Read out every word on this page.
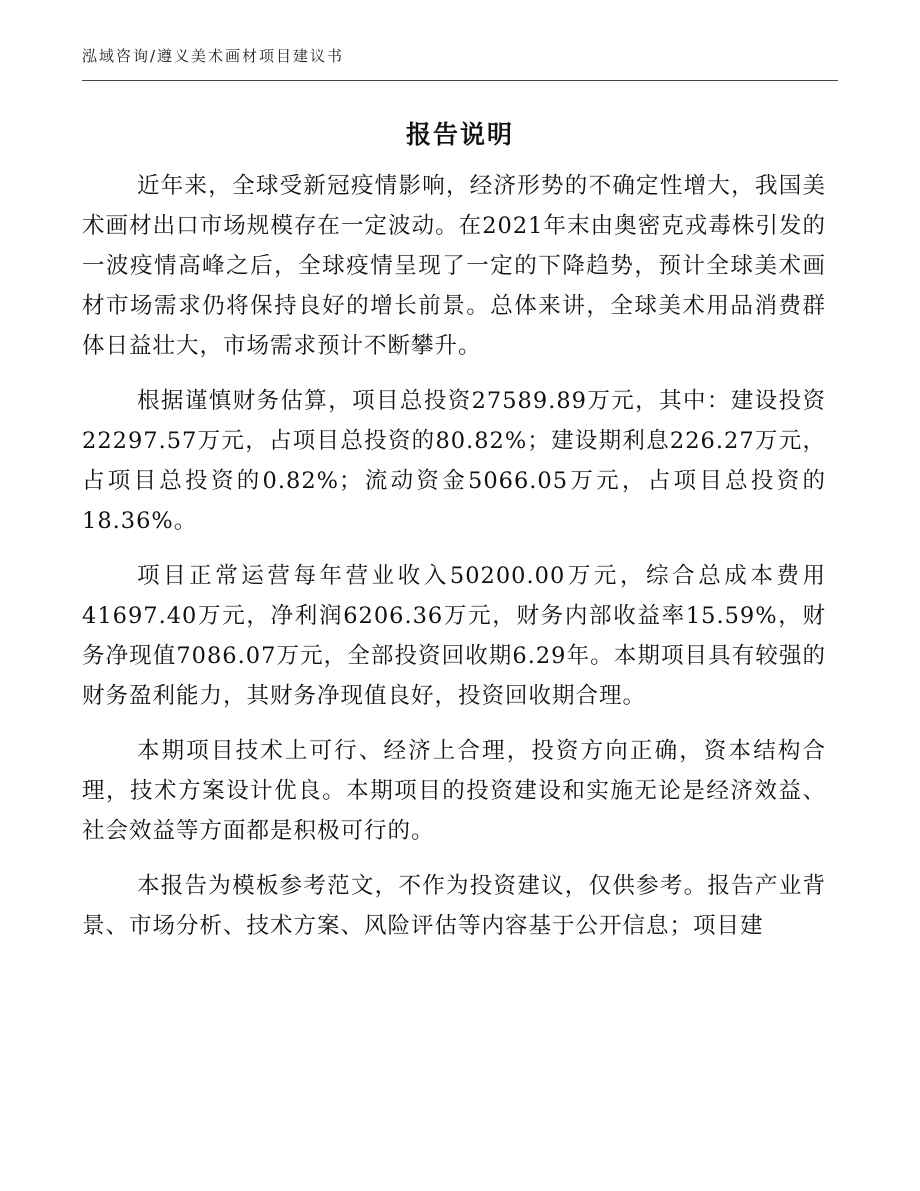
泓域咨询/遵义美术画材项目建议书
报告说明

近年来，全球受新冠疫情影响，经济形势的不确定性增大，我国美术画材出口市场规模存在一定波动。在2021年末由奥密克戎毒株引发的一波疫情高峰之后，全球疫情呈现了一定的下降趋势，预计全球美术画材市场需求仍将保持良好的增长前景。总体来讲，全球美术用品消费群体日益壮大，市场需求预计不断攀升。

根据谨慎财务估算，项目总投资27589.89万元，其中：建设投资22297.57万元，占项目总投资的80.82%；建设期利息226.27万元，占项目总投资的0.82%；流动资金5066.05万元，占项目总投资的18.36%。

项目正常运营每年营业收入50200.00万元，综合总成本费用41697.40万元，净利润6206.36万元，财务内部收益率15.59%，财务净现值7086.07万元，全部投资回收期6.29年。本期项目具有较强的财务盈利能力，其财务净现值良好，投资回收期合理。

本期项目技术上可行、经济上合理，投资方向正确，资本结构合理，技术方案设计优良。本期项目的投资建设和实施无论是经济效益、社会效益等方面都是积极可行的。

本报告为模板参考范文，不作为投资建议，仅供参考。报告产业背景、市场分析、技术方案、风险评估等内容基于公开信息；项目建
